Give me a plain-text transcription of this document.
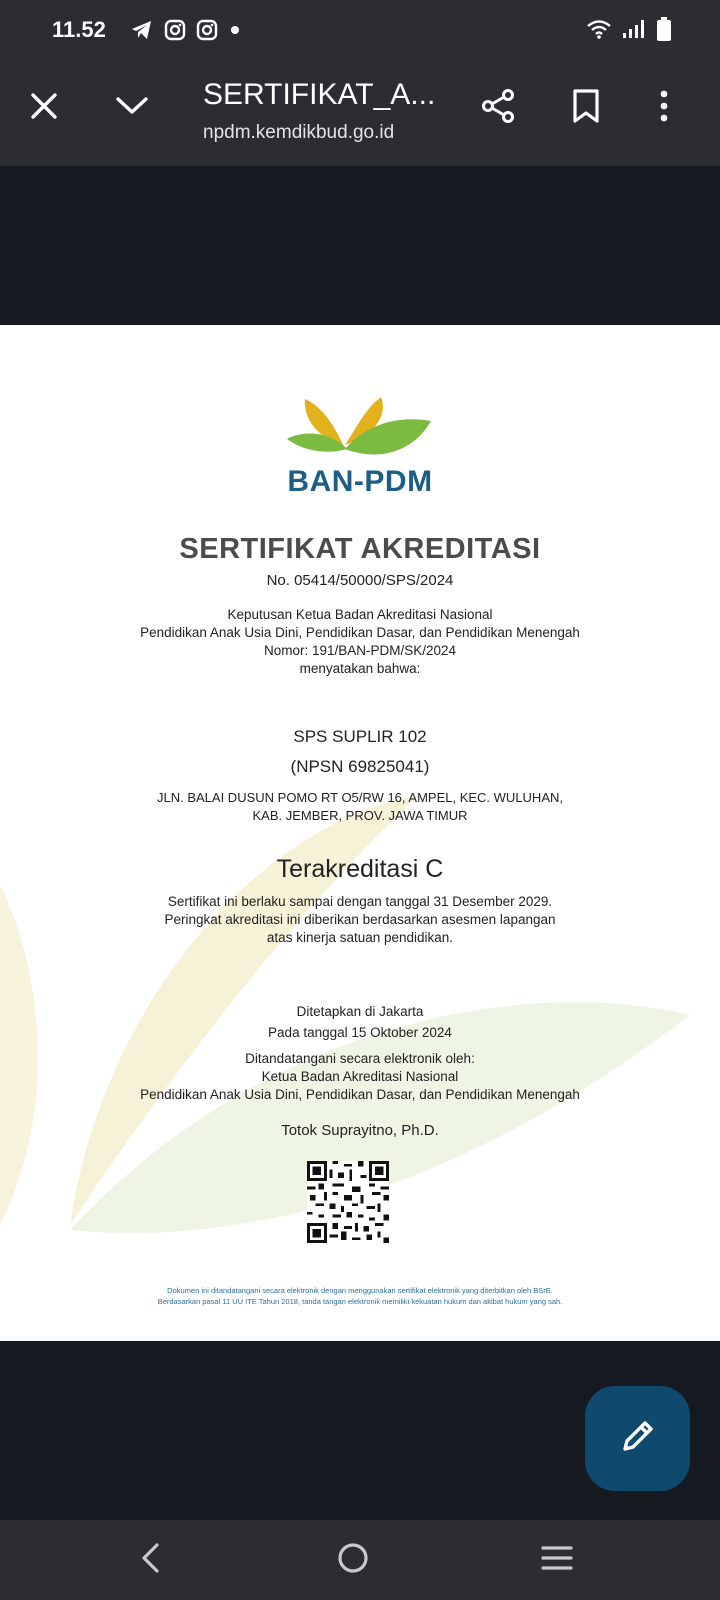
11.52
SERTIFIKAT_A...
npdm.kemdikbud.go.id
BAN-PDM
SERTIFIKAT AKREDITASI
No. 05414/50000/SPS/2024
Keputusan Ketua Badan Akreditasi Nasional
Pendidikan Anak Usia Dini, Pendidikan Dasar, dan Pendidikan Menengah
Nomor: 191/BAN-PDM/SK/2024
menyatakan bahwa:
SPS SUPLIR 102
(NPSN 69825041)
JLN. BALAI DUSUN POMO RT O5/RW 16, AMPEL, KEC. WULUHAN,
KAB. JEMBER, PROV. JAWA TIMUR
Terakreditasi C
Sertifikat ini berlaku sampai dengan tanggal 31 Desember 2029.
Peringkat akreditasi ini diberikan berdasarkan asesmen lapangan
atas kinerja satuan pendidikan.
Ditetapkan di Jakarta
Pada tanggal 15 Oktober 2024
Ditandatangani secara elektronik oleh:
Ketua Badan Akreditasi Nasional
Pendidikan Anak Usia Dini, Pendidikan Dasar, dan Pendidikan Menengah
Totok Suprayitno, Ph.D.
Dokumen ini ditandatangani secara elektronik dengan menggunakan sertifikat elektronik yang diterbitkan oleh BSrE.
Berdasarkan pasal 11 UU ITE Tahun 2018, tanda tangan elektronik memiliki kekuatan hukum dan akibat hukum yang sah.
